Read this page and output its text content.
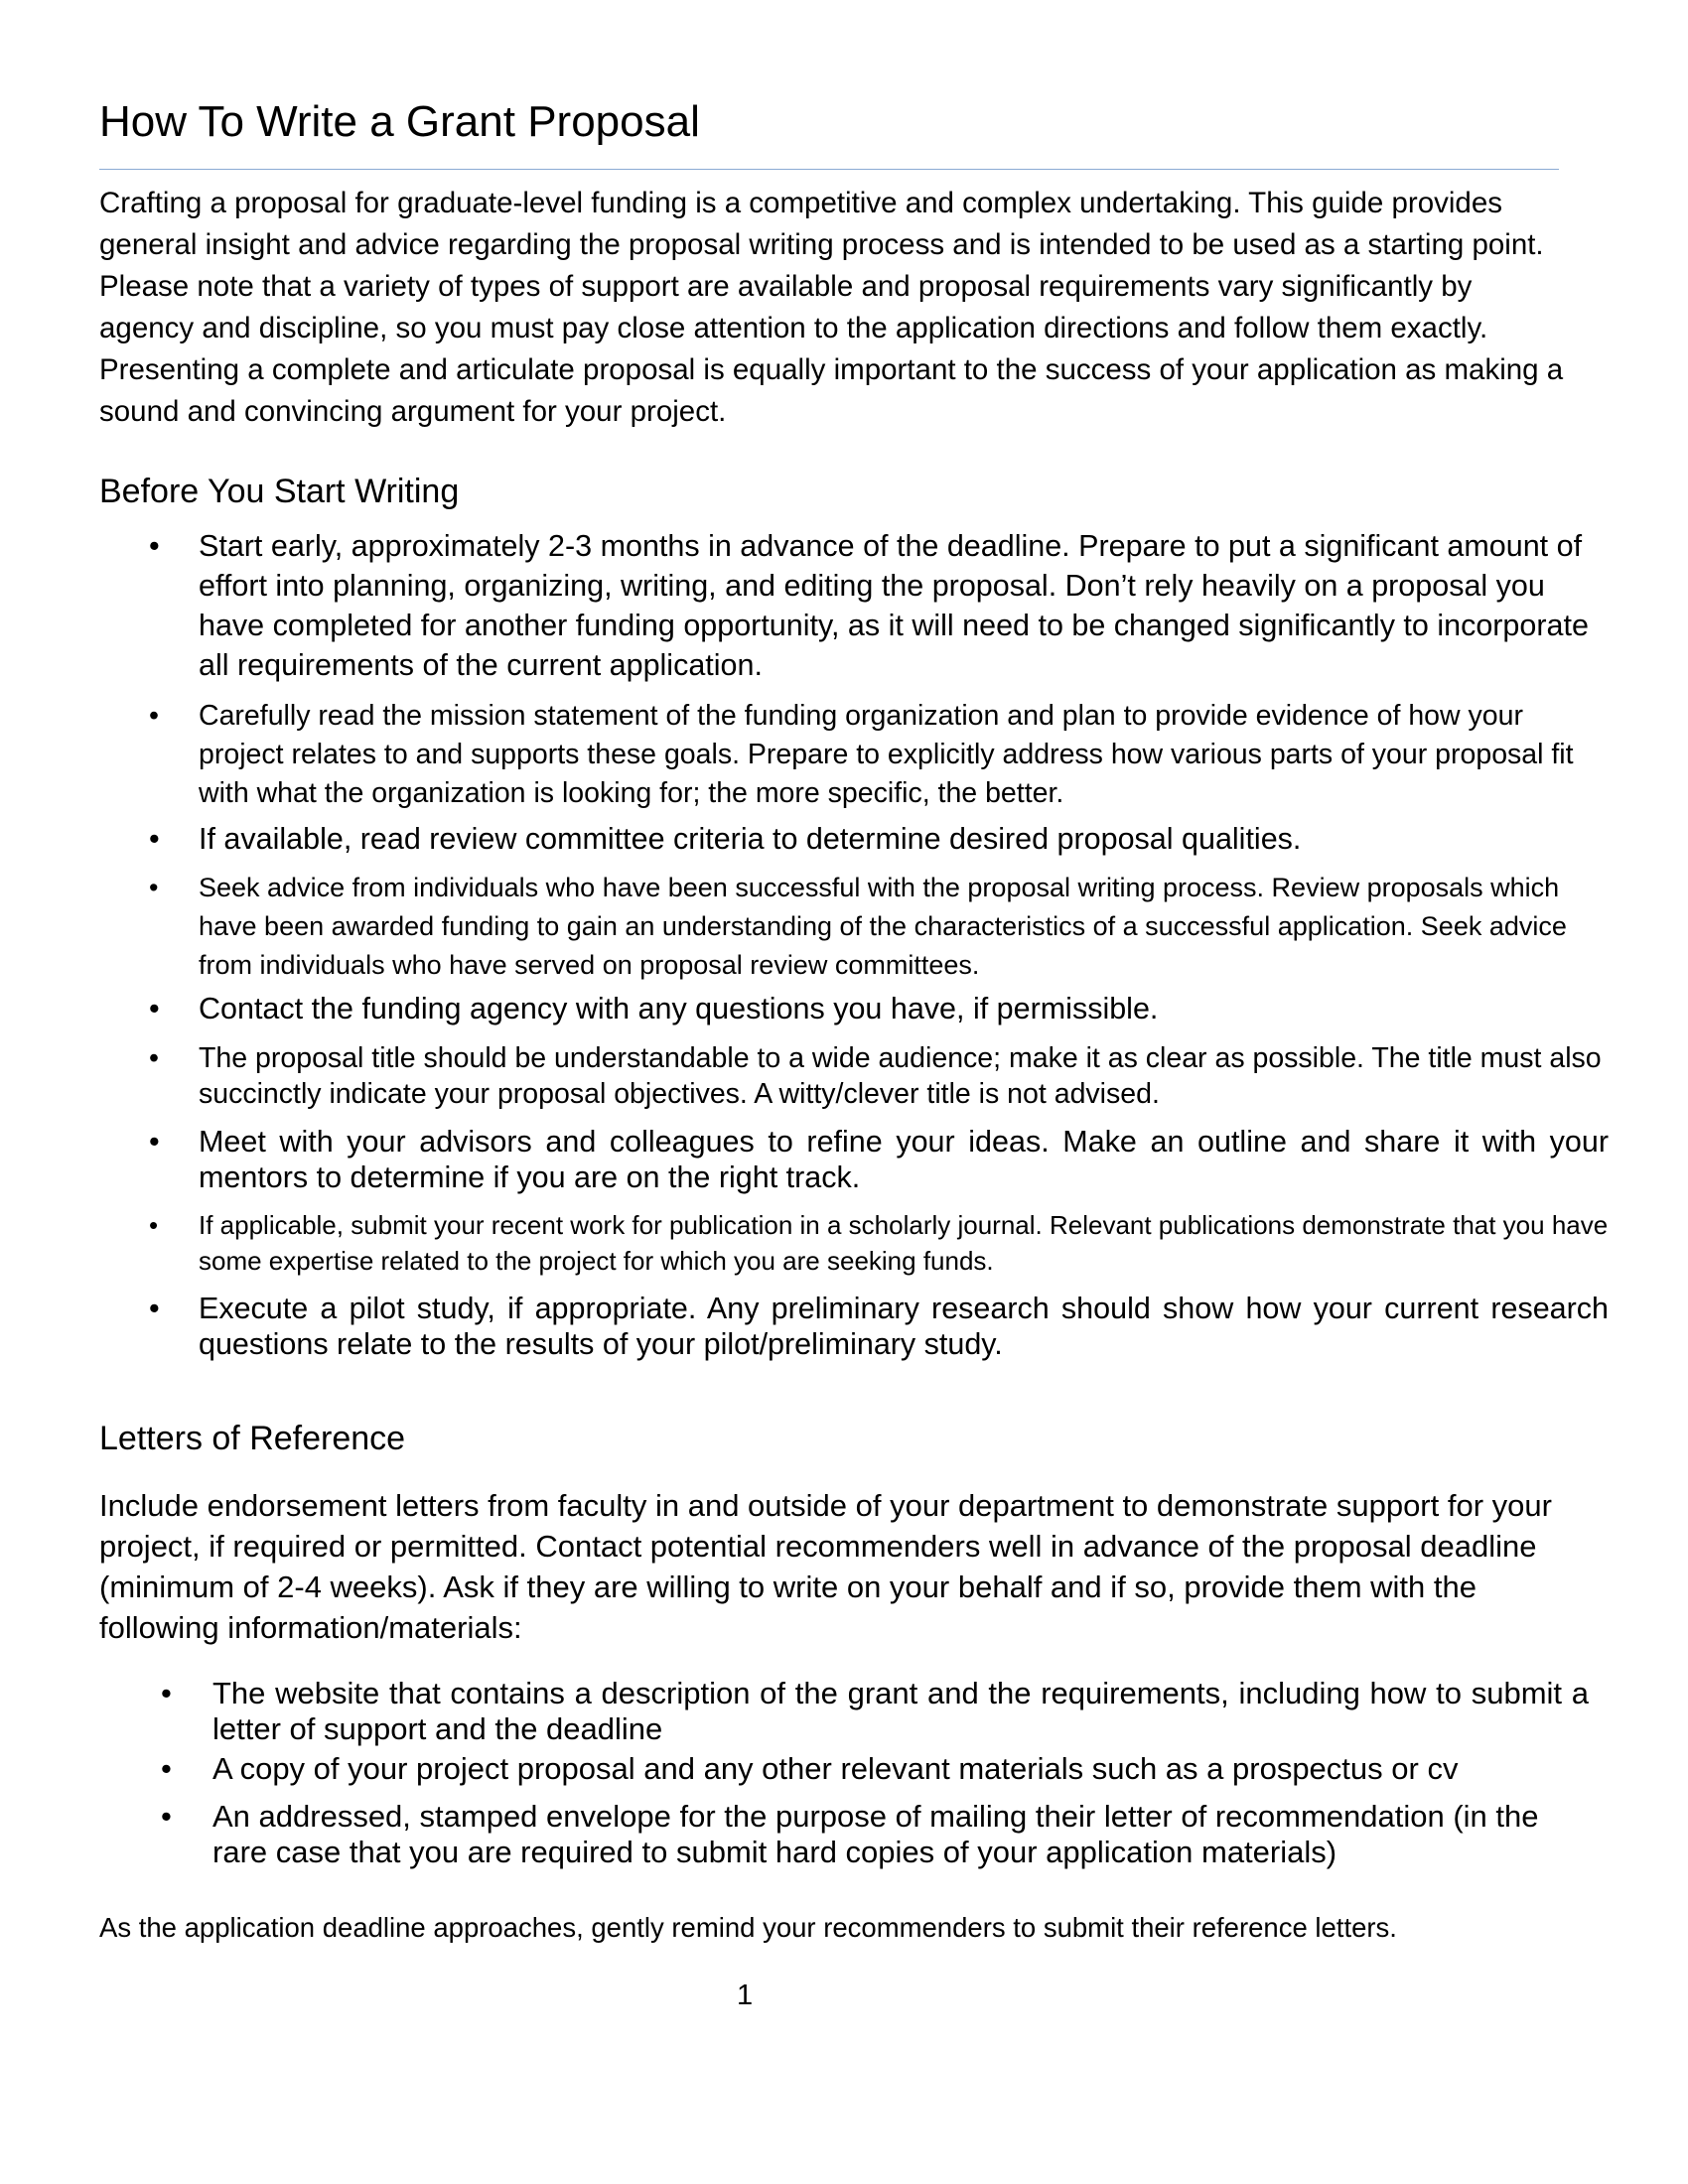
How To Write a Grant Proposal

Crafting a proposal for graduate-level funding is a competitive and complex undertaking. This guide provides general insight and advice regarding the proposal writing process and is intended to be used as a starting point. Please note that a variety of types of support are available and proposal requirements vary significantly by agency and discipline, so you must pay close attention to the application directions and follow them exactly. Presenting a complete and articulate proposal is equally important to the success of your application as making a sound and convincing argument for your project.

Before You Start Writing
• Start early, approximately 2-3 months in advance of the deadline. Prepare to put a significant amount of effort into planning, organizing, writing, and editing the proposal. Don’t rely heavily on a proposal you have completed for another funding opportunity, as it will need to be changed significantly to incorporate all requirements of the current application.
• Carefully read the mission statement of the funding organization and plan to provide evidence of how your project relates to and supports these goals. Prepare to explicitly address how various parts of your proposal fit with what the organization is looking for; the more specific, the better.
• If available, read review committee criteria to determine desired proposal qualities.
• Seek advice from individuals who have been successful with the proposal writing process. Review proposals which have been awarded funding to gain an understanding of the characteristics of a successful application. Seek advice from individuals who have served on proposal review committees.
• Contact the funding agency with any questions you have, if permissible.
• The proposal title should be understandable to a wide audience; make it as clear as possible. The title must also succinctly indicate your proposal objectives. A witty/clever title is not advised.
• Meet with your advisors and colleagues to refine your ideas. Make an outline and share it with your mentors to determine if you are on the right track.
• If applicable, submit your recent work for publication in a scholarly journal. Relevant publications demonstrate that you have some expertise related to the project for which you are seeking funds.
• Execute a pilot study, if appropriate. Any preliminary research should show how your current research questions relate to the results of your pilot/preliminary study.
Letters of Reference

Include endorsement letters from faculty in and outside of your department to demonstrate support for your project, if required or permitted. Contact potential recommenders well in advance of the proposal deadline (minimum of 2-4 weeks). Ask if they are willing to write on your behalf and if so, provide them with the following information/materials:

• The website that contains a description of the grant and the requirements, including how to submit a letter of support and the deadline
• A copy of your project proposal and any other relevant materials such as a prospectus or cv
• An addressed, stamped envelope for the purpose of mailing their letter of recommendation (in the rare case that you are required to submit hard copies of your application materials)

As the application deadline approaches, gently remind your recommenders to submit their reference letters.

1
